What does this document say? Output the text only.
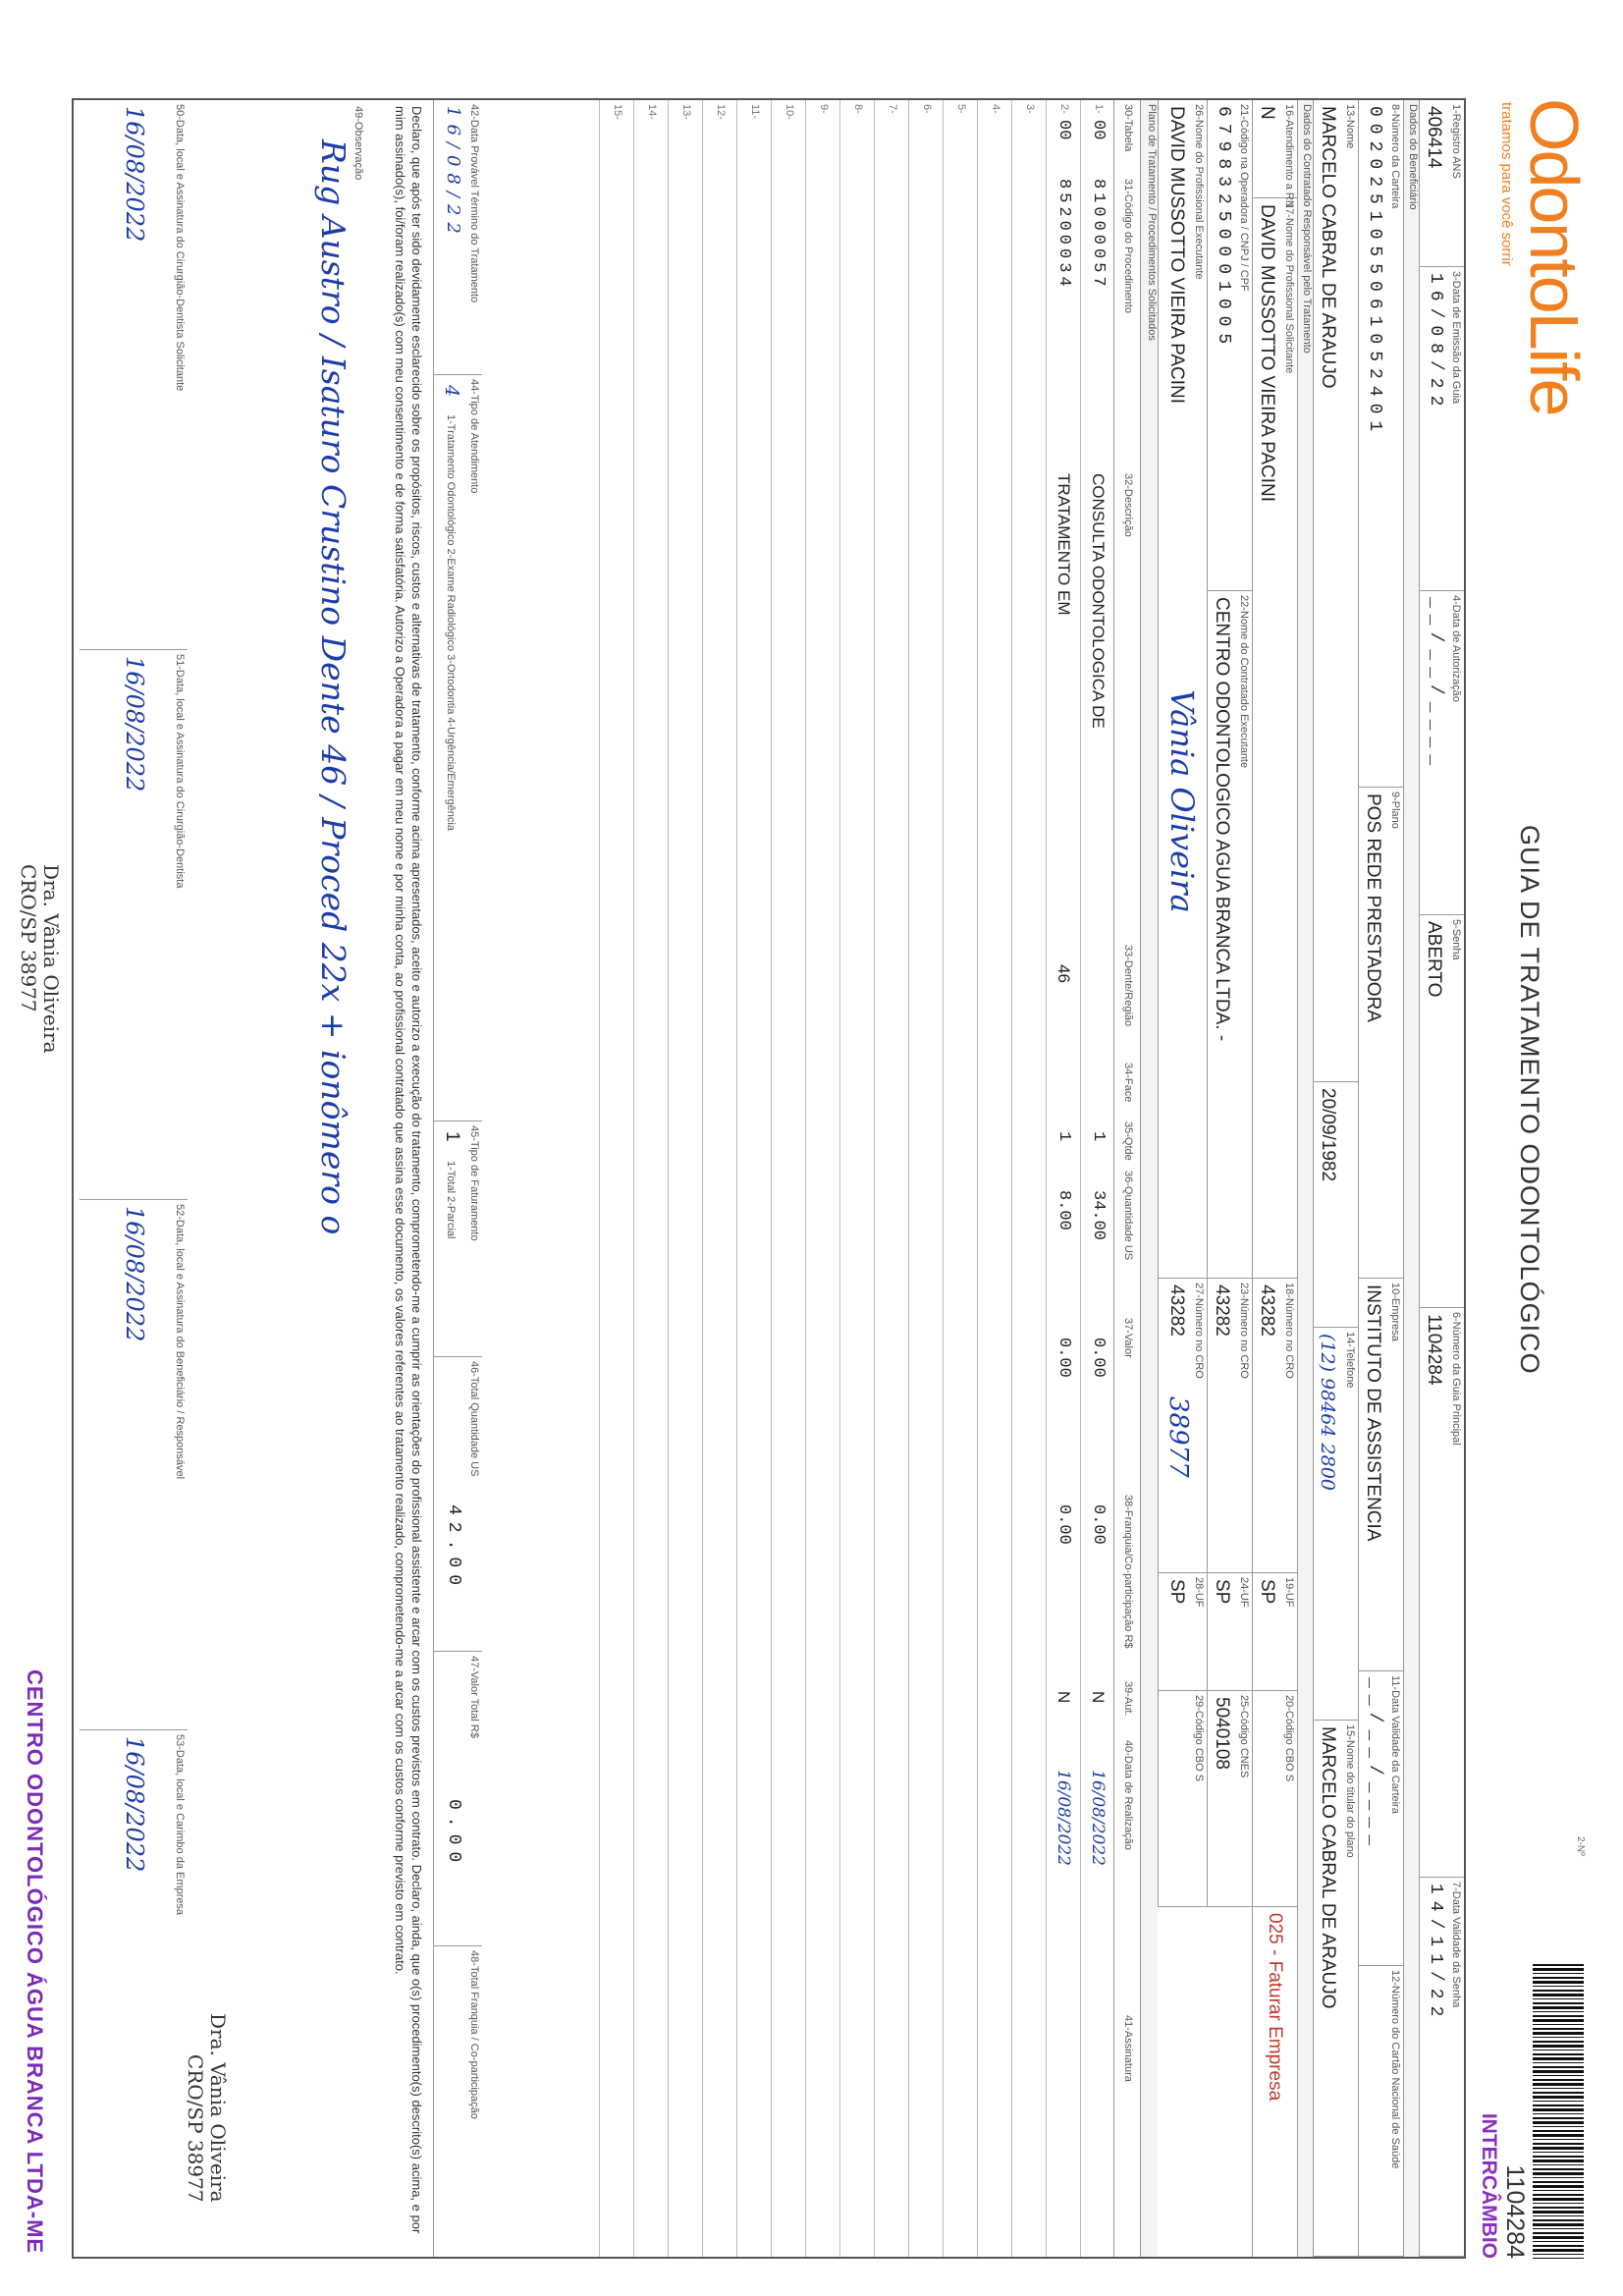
OdontoLife
tratamos para você sorrir
GUIA DE TRATAMENTO ODONTOLÓGICO
2-Nº
1104284
INTERCÂMBIO
1-Registro ANS
406414
3-Data de Emissão da Guia
16/08/22
4-Data de Autorização
__/__/____
5-Senha
ABERTO
6-Número da Guia Principal
1104284
7-Data Validade da Senha
14/11/22
Dados do Beneficiário
8-Número da Carteira
0020251055061052401
9-Plano
POS REDE PRESTADORA
10-Empresa
INSTITUTO DE ASSISTENCIA
11-Data Validade da Carteira
__/__/____
12-Número do Cartão Nacional de Saúde
13-Nome
MARCELO CABRAL DE ARAUJO
20/09/1982
14-Telefone
(12) 98464 2800
15-Nome do titular do plano
MARCELO CABRAL DE ARAUJO
Dados do Contratado Responsável pelo Tratamento
16-Atendimento a RN
N
17-Nome do Profissional Solicitante
DAVID MUSSOTTO VIEIRA PACINI
18-Número no CRO
43282
19-UF
SP
20-Código CBO S
025 - Faturar Empresa
21-Código na Operadora / CNPJ / CPF
67983250001005
22-Nome do Contratado Executante
CENTRO ODONTOLOGICO AGUA BRANCA LTDA. -
23-Número no CRO
43282
24-UF
SP
25-Código CNES
5040108
26-Nome do Profissional Executante
DAVID MUSSOTTO VIEIRA PACINI
Vânia Oliveira
27-Número no CRO
43282
38977
28-UF
SP
29-Código CBO S
Plano de Tratamento / Procedimentos Solicitados
30-Tabela
31-Código do Procedimento
32-Descrição
33-Dente/Região
34-Face
35-Qtde
36-Quantidade US
37-Valor
38-Franquia/Co-participação R$
39-Aut.
40-Data de Realização
41-Assinatura
1-
00
81000057
CONSULTA ODONTOLOGICA DE
1
34.00
0.00
0.00
N
16/08/2022
2-
00
85200034
TRATAMENTO EM
46
1
8.00
0.00
0.00
N
16/08/2022
3-
4-
5-
6-
7-
8-
9-
10-
11-
12-
13-
14-
15-
42-Data Provável Término do Tratamento
16/08/22
44-Tipo de Atendimento
4
1-Tratamento Odontológico 2-Exame Radiológico 3-Ortodontia 4-Urgência/Emergência
45-Tipo de Faturamento
1
1-Total 2-Parcial
46-Total Quantidade US
42.00
47-Valor Total R$
0.00
48-Total Franquia / Co-participação
Declaro, que após ter sido devidamente esclarecido sobre os propósitos, riscos, custos e alternativas de tratamento, conforme acima apresentados, aceito e autorizo a execução do tratamento, comprometendo-me a cumprir as orientações do profissional assistente e arcar com os custos previstos em contrato. Declaro, ainda, que o(s) procedimento(s) descrito(s) acima, e por mim assinado(s), foi/foram realizado(s) com meu consentimento e de forma satisfatória. Autorizo a Operadora a pagar em meu nome e por minha conta, ao profissional contratado que assina esse documento, os valores referentes ao tratamento realizado, comprometendo-me a arcar com os custos conforme previsto em contrato.
49-Observação
Rug Austro / Isaturo Crustino Dente 46 / Proced 22x + ionômero o
50-Data, local e Assinatura do Cirurgião-Dentista Solicitante
16/08/2022
51-Data, local e Assinatura do Cirurgião-Dentista
16/08/2022
52-Data, local e Assinatura do Beneficiário / Responsável
16/08/2022
53-Data, local e Carimbo da Empresa
16/08/2022
Dra. Vânia Oliveira
CRO/SP 38977
Dra. Vânia Oliveira
CRO/SP 38977
CENTRO ODONTOLÓGICO ÁGUA BRANCA LTDA-ME
